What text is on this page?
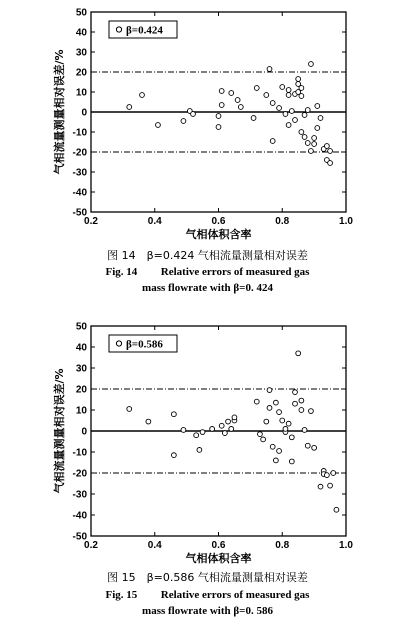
50
40
30
20
10
0
-10
-20
-30
-40
-50
0.2	0.4	0.6	0.8	1.0
β=0.424
气相体积含率
气相流量测量相对误差/%
50
40
30
20
10
0
-10
-20
-30
-40
-50
0.2	0.4	0.6	0.8	1.0
β=0.586
气相体积含率
气相流量测量相对误差/%
图 14　β=0.424 气相流量测量相对误差
Fig. 14 Relative errors of measured gas
mass flowrate with β=0. 424
图 15　β=0.586 气相流量测量相对误差
Fig. 15 Relative errors of measured gas
mass flowrate with β=0. 586
